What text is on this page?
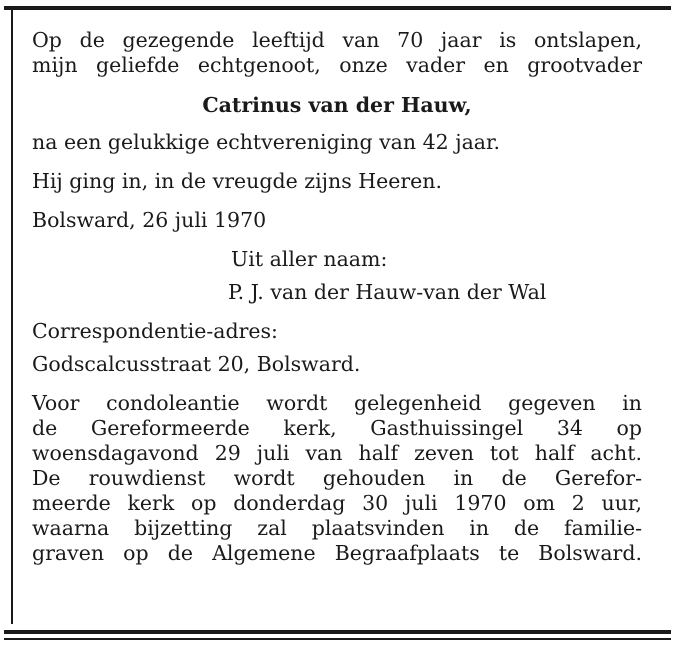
Op de gezegende leeftijd van 70 jaar is ontslapen,
mijn geliefde echtgenoot, onze vader en grootvader
Catrinus van der Hauw,
na een gelukkige echtvereniging van 42 jaar.
Hij ging in, in de vreugde zijns Heeren.
Bolsward, 26 juli 1970
Uit aller naam:
P. J. van der Hauw-van der Wal
Correspondentie-adres:
Godscalcusstraat 20, Bolsward.
Voor condoleantie wordt gelegenheid gegeven in
de Gereformeerde kerk, Gasthuissingel 34 op
woensdagavond 29 juli van half zeven tot half acht.
De rouwdienst wordt gehouden in de Gerefor-
meerde kerk op donderdag 30 juli 1970 om 2 uur,
waarna bijzetting zal plaatsvinden in de familie-
graven op de Algemene Begraafplaats te Bolsward.
